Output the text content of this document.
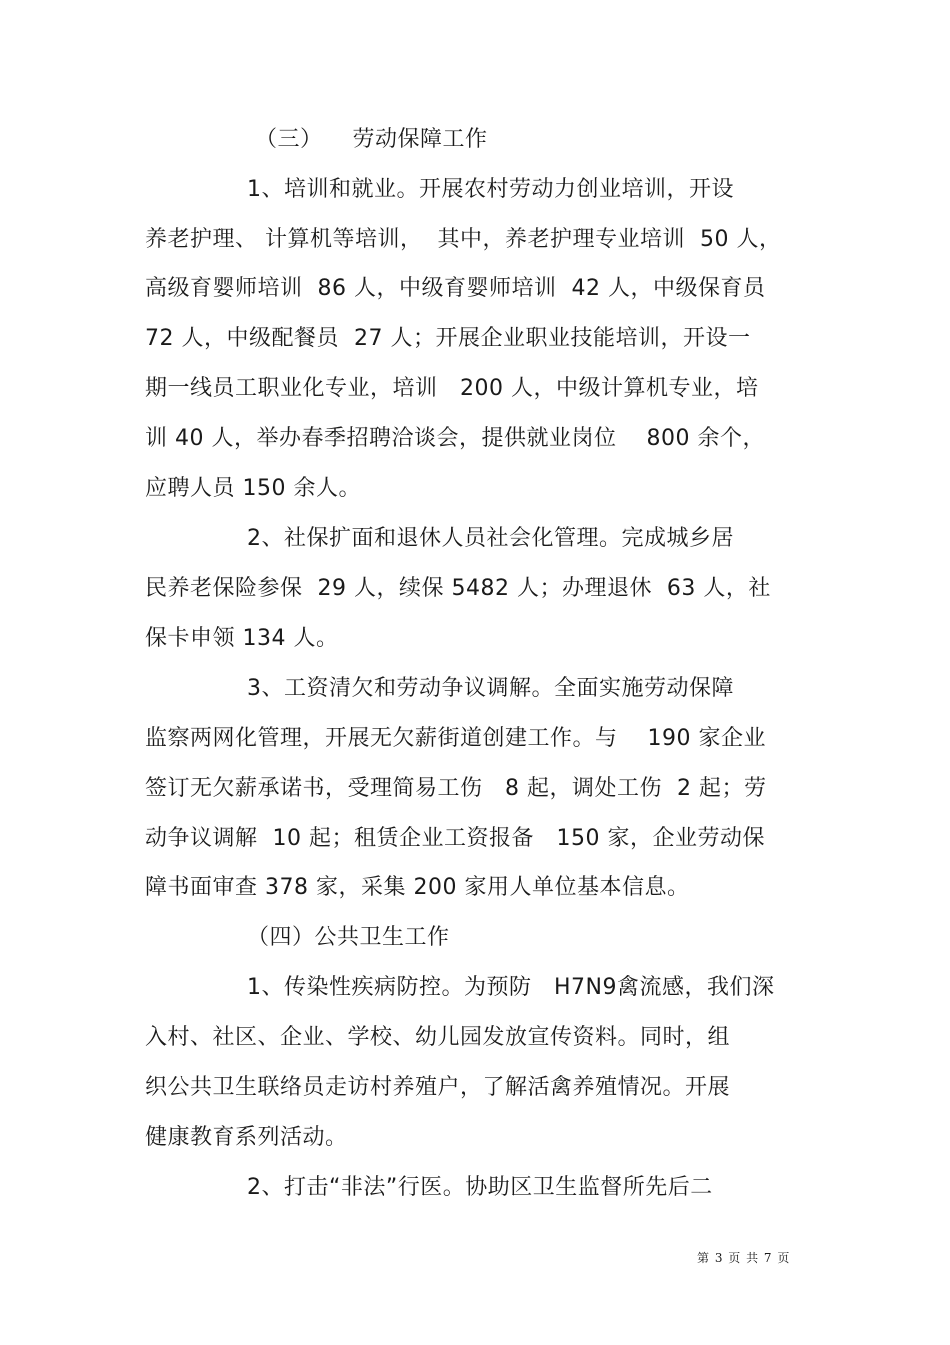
（三）    劳动保障工作
1、培训和就业。开展农村劳动力创业培训，开设
养老护理、 计算机等培训，  其中，养老护理专业培训  50 人，
高级育婴师培训  86 人，中级育婴师培训  42 人，中级保育员
72 人，中级配餐员  27 人；开展企业职业技能培训，开设一
期一线员工职业化专业，培训   200 人，中级计算机专业，培
训 40 人，举办春季招聘洽谈会，提供就业岗位    800 余个，
应聘人员 150 余人。
2、社保扩面和退休人员社会化管理。完成城乡居
民养老保险参保  29 人，续保 5482 人；办理退休  63 人，社
保卡申领 134 人。
3、工资清欠和劳动争议调解。全面实施劳动保障
监察两网化管理，开展无欠薪街道创建工作。与    190 家企业
签订无欠薪承诺书，受理简易工伤   8 起，调处工伤  2 起；劳
动争议调解  10 起；租赁企业工资报备   150 家，企业劳动保
障书面审查 378 家，采集 200 家用人单位基本信息。
（四）公共卫生工作
1、传染性疾病防控。为预防   H7N9禽流感，我们深
入村、社区、企业、学校、幼儿园发放宣传资料。同时，组
织公共卫生联络员走访村养殖户，了解活禽养殖情况。开展
健康教育系列活动。
2、打击“非法”行医。协助区卫生监督所先后二
第 3 页 共 7 页
